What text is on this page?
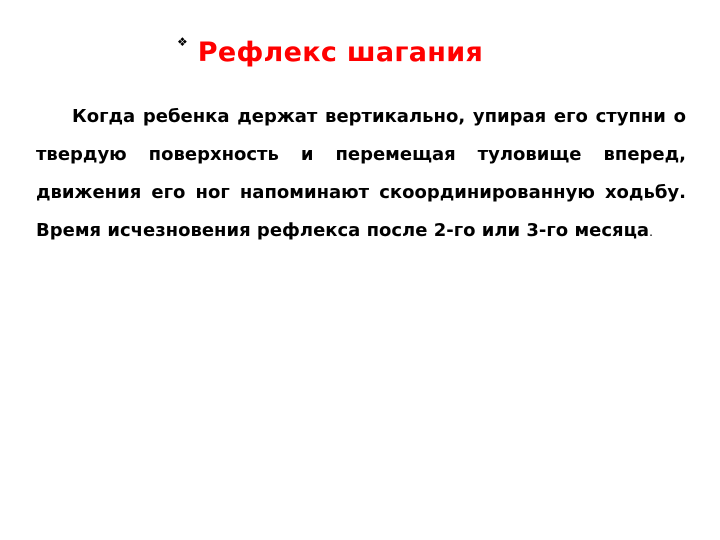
❖ Рефлекс шагания

Когда ребенка держат вертикально, упирая его ступни о твердую поверхность и перемещая туловище вперед, движения его ног напоминают скоординированную ходьбу. Время исчезновения рефлекса после 2-го или 3-го месяца.
